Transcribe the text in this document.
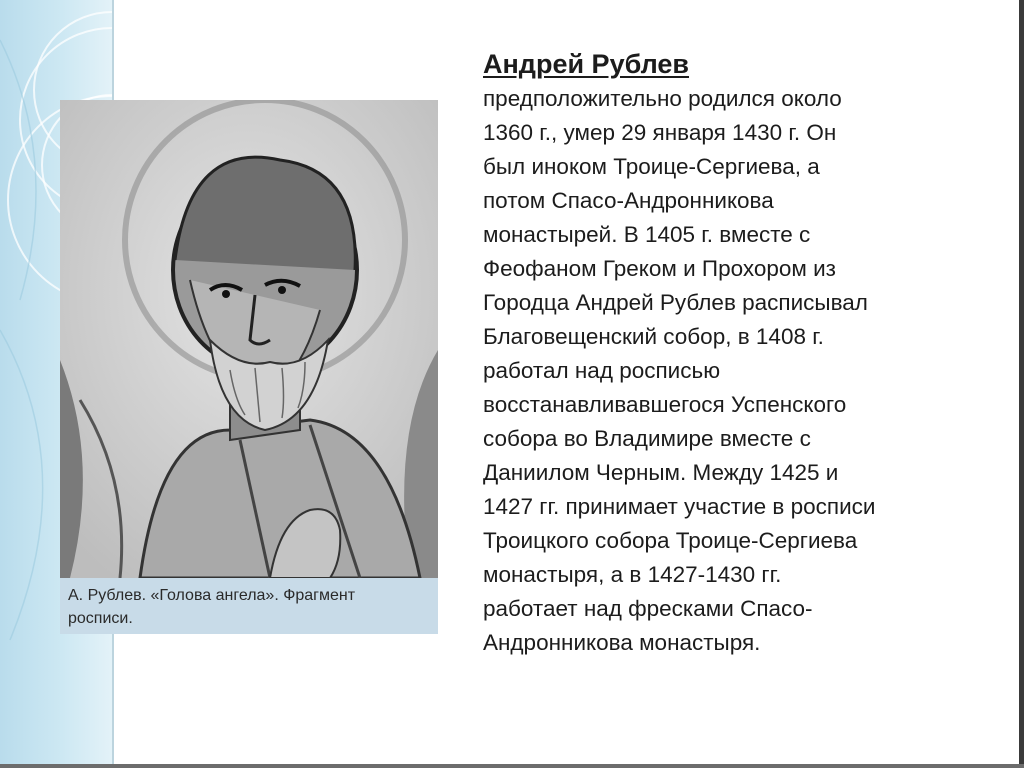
А. Рублев. «Голова ангела». Фрагмент
росписи.
Андрей Рублев

предположительно родился около

1360 г., умер 29 января 1430 г. Он

был иноком Троице-Сергиева, а

потом Спасо-Андронникова

монастырей. В 1405 г. вместе с

Феофаном Греком и Прохором из

Городца Андрей Рублев расписывал

Благовещенский собор, в 1408 г.

работал над росписью

восстанавливавшегося Успенского

собора во Владимире вместе с

Даниилом Черным. Между 1425 и

1427 гг. принимает участие в росписи

Троицкого собора Троице-Сергиева

монастыря, а в 1427-1430 гг.

работает над фресками Спасо-

Андронникова монастыря.
